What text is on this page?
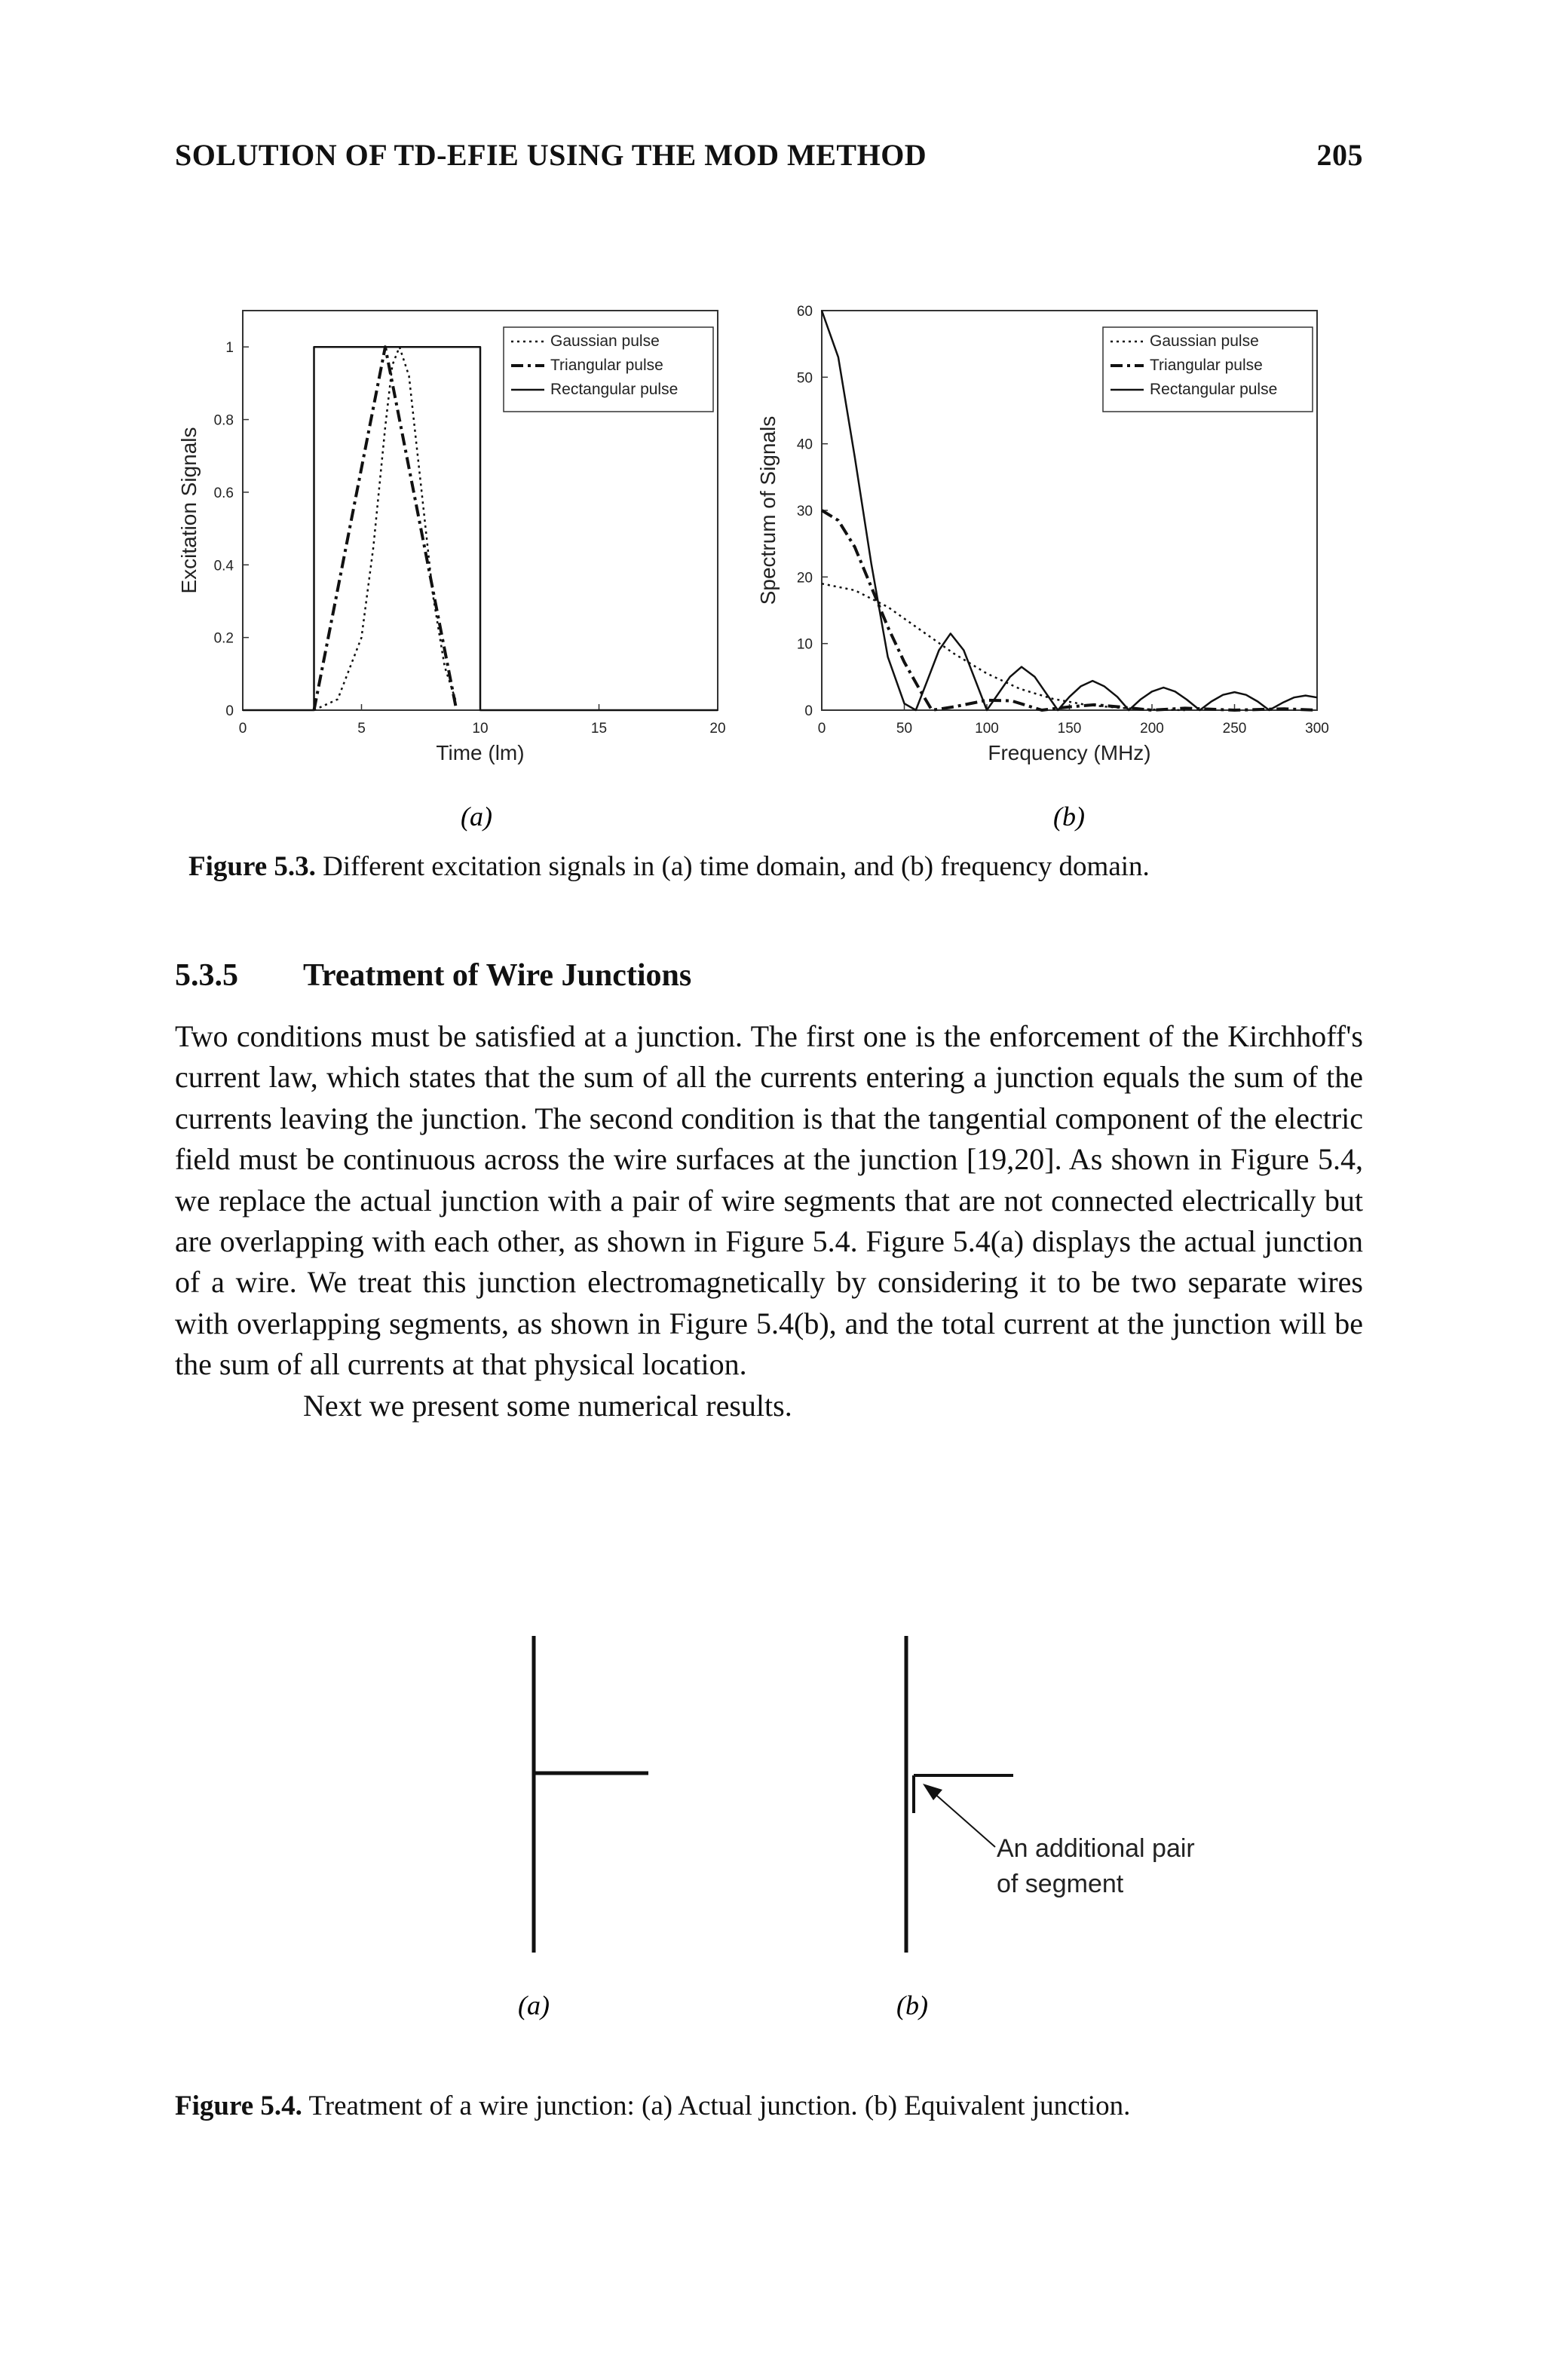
SOLUTION OF TD-EFIE USING THE MOD METHOD	205
0	5	10	15	20
0
0.2
0.4
0.6
0.8
1
Time (lm)
Excitation Signals
Gaussian pulse
Triangular pulse
Rectangular pulse
0	50	100	150	200	250	300
0
10
20
30
40
50
60
Frequency (MHz)
Spectrum of Signals
Gaussian pulse
Triangular pulse
Rectangular pulse
(a)	(b)
Figure 5.3. Different excitation signals in (a) time domain, and (b) frequency domain.
5.3.5 Treatment of Wire Junctions

Two conditions must be satisfied at a junction. The first one is the enforcement of the Kirchhoff's current law, which states that the sum of all the currents entering a junction equals the sum of the currents leaving the junction. The second condition is that the tangential component of the electric field must be continuous across the wire surfaces at the junction [19,20]. As shown in Figure 5.4, we replace the actual junction with a pair of wire segments that are not connected electrically but are overlapping with each other, as shown in Figure 5.4. Figure 5.4(a) displays the actual junction of a wire. We treat this junction electromagnetically by considering it to be two separate wires with overlapping segments, as shown in Figure 5.4(b), and the total current at the junction will be the sum of all currents at that physical location.

Next we present some numerical results.

An additional pair
of segment
(a)	(b)
Figure 5.4. Treatment of a wire junction: (a) Actual junction. (b) Equivalent junction.
